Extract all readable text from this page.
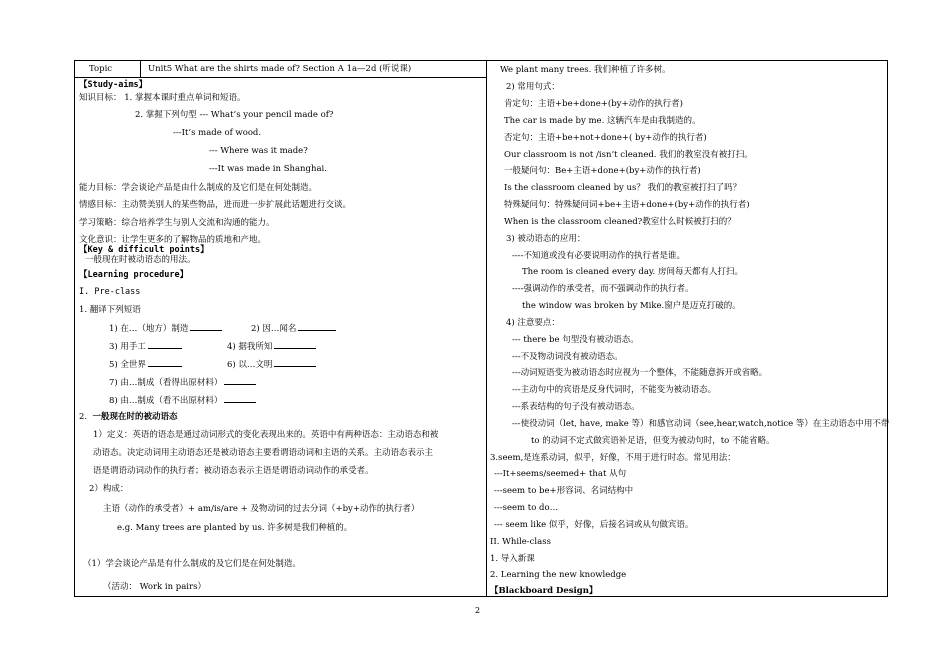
Topic	Unit5 What are the shirts made of? Section A 1a—2d (听说课)
【Study-aims】
知识目标： 1. 掌握本课时重点单词和短语。
2. 掌握下列句型 --- What’s your pencil made of?
---It’s made of wood.
--- Where was it made?
---It was made in Shanghai.
能力目标：学会谈论产品是由什么制成的及它们是在何处制造。
情感目标：主动赞美别人的某些物品，进而进一步扩展此话题进行交谈。
学习策略：综合培养学生与别人交流和沟通的能力。
文化意识：让学生更多的了解物品的质地和产地。
【Key & difficult points】
一般现在时被动语态的用法。
【Learning procedure】
I. Pre-class
1. 翻译下列短语
1) 在…（地方）制造	2) 因…闻名
3) 用手工	4) 据我所知
5) 全世界	6) 以…文明
7) 由…制成（看得出原材料）
8) 由…制成（看不出原材料）
2. 一般现在时的被动语态
1）定义：英语的语态是通过动词形式的变化表现出来的。英语中有两种语态：主动语态和被
动语态。决定动词用主动语态还是被动语态主要看谓语动词和主语的关系。主动语态表示主
语是谓语动词动作的执行者；被动语态表示主语是谓语动词动作的承受者。
2）构成：
主语（动作的承受者）+ am/is/are + 及物动词的过去分词（+by+动作的执行者）
e.g. Many trees are planted by us. 许多树是我们种植的。
（1）学会谈论产品是有什么制成的及它们是在何处制造。
（活动： Work in pairs）
We plant many trees. 我们种植了许多树。
2) 常用句式：
肯定句：主语+be+done+(by+动作的执行者)
The car is made by me. 这辆汽车是由我制造的。
否定句：主语+be+not+done+( by+动作的执行者)
Our classroom is not /isn’t cleaned. 我们的教室没有被打扫。
一般疑问句：Be+主语+done+(by+动作的执行者)
Is the classroom cleaned by us？ 我们的教室被打扫了吗？
特殊疑问句：特殊疑问词+be+主语+done+(by+动作的执行者)
When is the classroom cleaned?教室什么时候被打扫的？
3) 被动语态的应用：
----不知道或没有必要说明动作的执行者是谁。
The room is cleaned every day. 房间每天都有人打扫。
----强调动作的承受者，而不强调动作的执行者。
the window was broken by Mike.窗户是迈克打破的。
4) 注意要点：
--- there be 句型没有被动语态。
---不及物动词没有被动语态。
---动词短语变为被动语态时应视为一个整体，不能随意拆开或省略。
---主动句中的宾语是反身代词时，不能变为被动语态。
---系表结构的句子没有被动语态。
---使役动词（let, have, make 等）和感官动词（see,hear,watch,notice 等）在主动语态中用不带
to 的动词不定式做宾语补足语，但变为被动句时，to 不能省略。
3.seem,是连系动词，似乎，好像，不用于进行时态。常见用法：
---It+seems/seemed+ that 从句
---seem to be+形容词、名词结构中
---seem to do…
--- seem like 似乎，好像，后接名词或从句做宾语。
II. While-class
1. 导入新课
2. Learning the new knowledge
【Blackboard Design】
2
